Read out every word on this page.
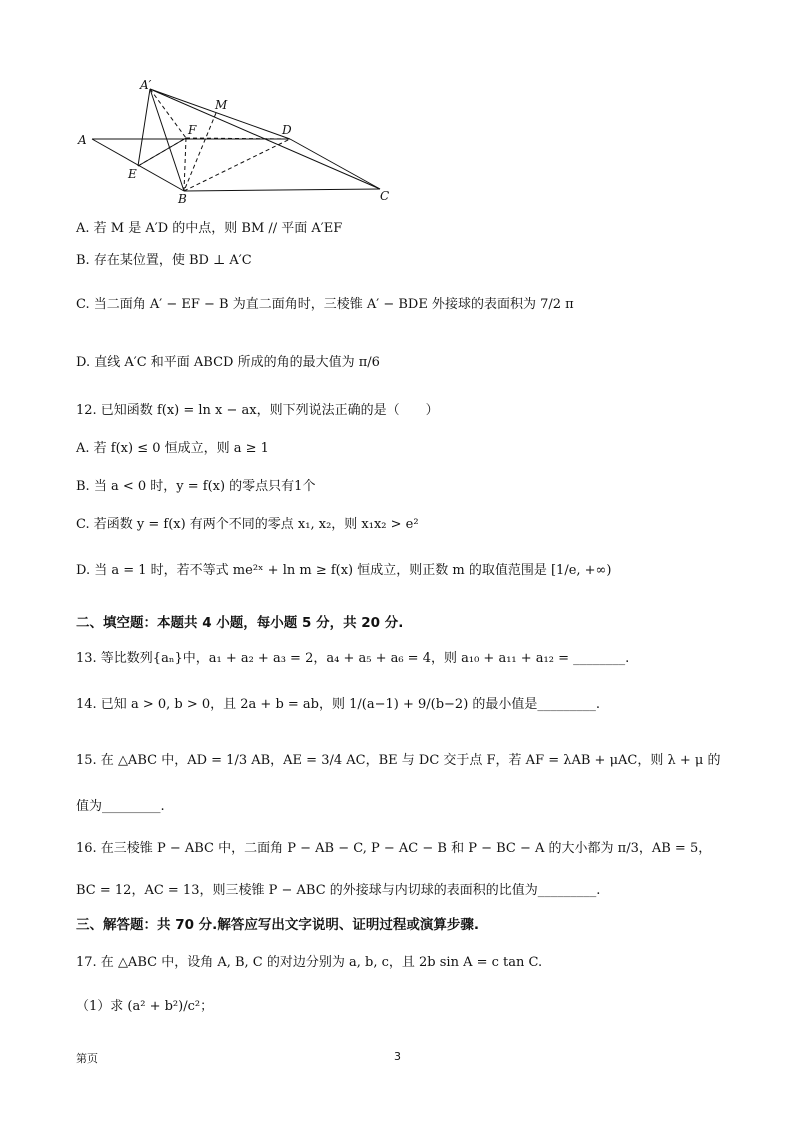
A′
M
F	D
A
E
B	C
A. 若 M 是 A′D 的中点，则 BM // 平面 A′EF
B. 存在某位置，使 BD ⊥ A′C
C. 当二面角 A′ − EF − B 为直二面角时，三棱锥 A′ − BDE 外接球的表面积为 7/2 π
D. 直线 A′C 和平面 ABCD 所成的角的最大值为 π/6
12. 已知函数 f(x) = ln x − ax，则下列说法正确的是（　　）
A. 若 f(x) ≤ 0 恒成立，则 a ≥ 1
B. 当 a < 0 时，y = f(x) 的零点只有1个
C. 若函数 y = f(x) 有两个不同的零点 x₁, x₂，则 x₁x₂ > e²
D. 当 a = 1 时，若不等式 me²ˣ + ln m ≥ f(x) 恒成立，则正数 m 的取值范围是 [1/e, +∞)
二、填空题：本题共 4 小题，每小题 5 分，共 20 分.
13. 等比数列{aₙ}中，a₁ + a₂ + a₃ = 2，a₄ + a₅ + a₆ = 4，则 a₁₀ + a₁₁ + a₁₂ = ________.
14. 已知 a > 0, b > 0，且 2a + b = ab，则 1/(a−1) + 9/(b−2) 的最小值是_________.
15. 在 △ABC 中，AD = 1/3 AB，AE = 3/4 AC，BE 与 DC 交于点 F，若 AF = λAB + μAC，则 λ + μ 的
值为_________.
16. 在三棱锥 P − ABC 中，二面角 P − AB − C, P − AC − B 和 P − BC − A 的大小都为 π/3，AB = 5，
BC = 12，AC = 13，则三棱锥 P − ABC 的外接球与内切球的表面积的比值为_________.
三、解答题：共 70 分.解答应写出文字说明、证明过程或演算步骤.
17. 在 △ABC 中，设角 A, B, C 的对边分别为 a, b, c，且 2b sin A = c tan C.
（1）求 (a² + b²)/c²；
第页	3
